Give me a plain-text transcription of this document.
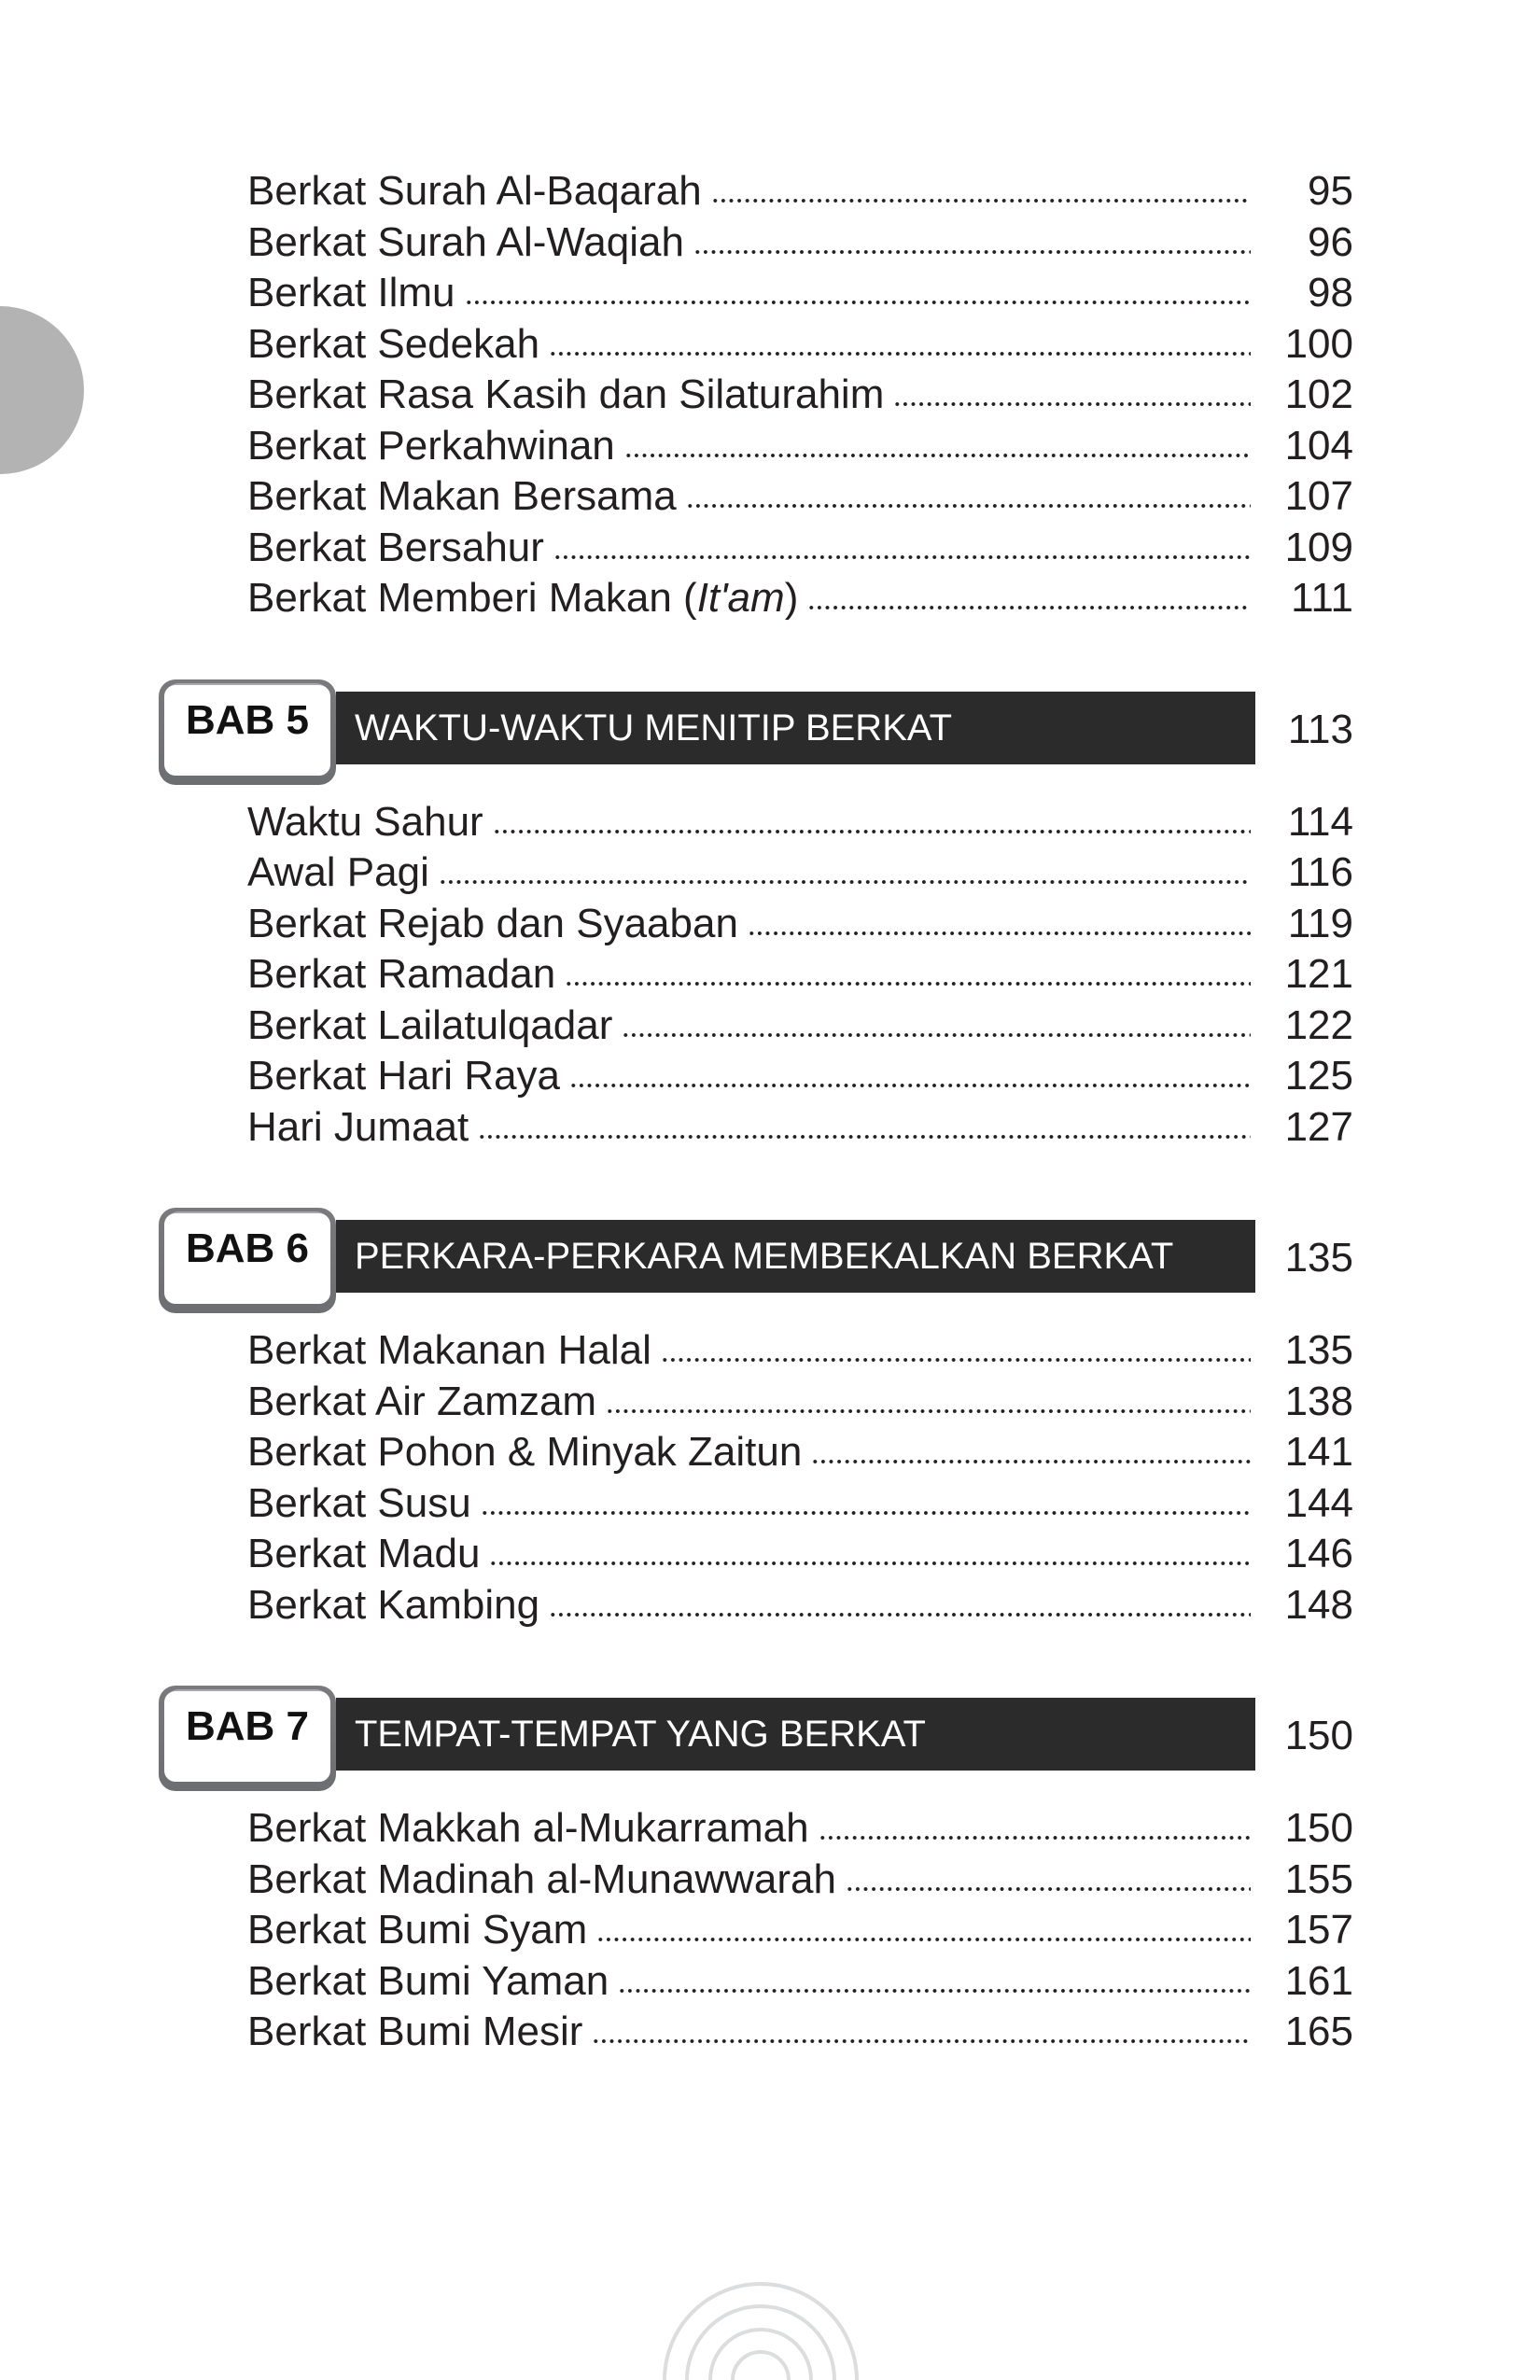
Berkat Surah Al-Baqarah	95
Berkat Surah Al-Waqiah	96
Berkat Ilmu	98
Berkat Sedekah	100
Berkat Rasa Kasih dan Silaturahim	102
Berkat Perkahwinan	104
Berkat Makan Bersama	107
Berkat Bersahur	109
Berkat Memberi Makan (It'am)	111
BAB 5	WAKTU-WAKTU MENITIP BERKAT	113
Waktu Sahur	114
Awal Pagi	116
Berkat Rejab dan Syaaban	119
Berkat Ramadan	121
Berkat Lailatulqadar	122
Berkat Hari Raya	125
Hari Jumaat	127
BAB 6	PERKARA-PERKARA MEMBEKALKAN BERKAT	135
Berkat Makanan Halal	135
Berkat Air Zamzam	138
Berkat Pohon & Minyak Zaitun	141
Berkat Susu	144
Berkat Madu	146
Berkat Kambing	148
BAB 7	TEMPAT-TEMPAT YANG BERKAT	150
Berkat Makkah al-Mukarramah	150
Berkat Madinah al-Munawwarah	155
Berkat Bumi Syam	157
Berkat Bumi Yaman	161
Berkat Bumi Mesir	165
